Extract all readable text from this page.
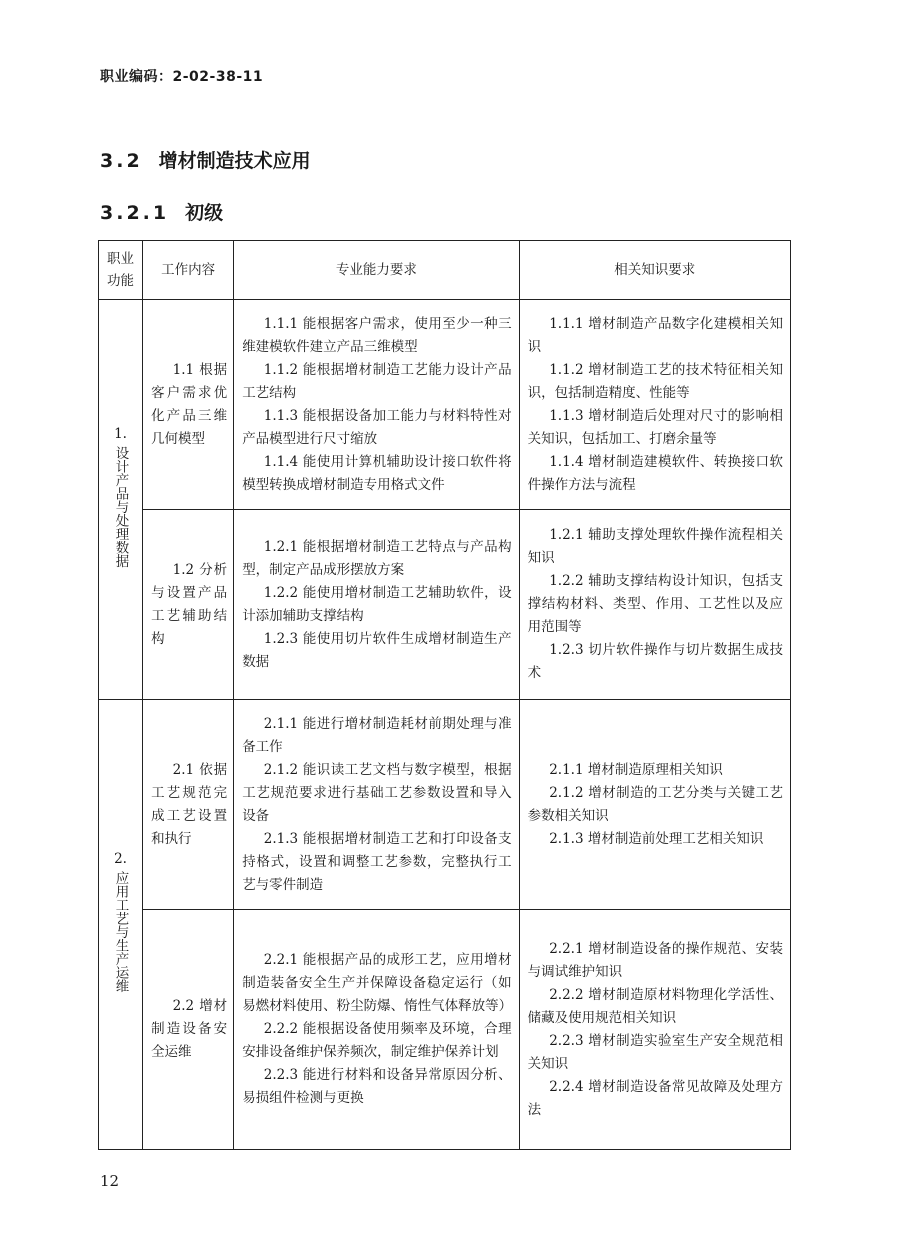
职业编码：2-02-38-11
3.2 增材制造技术应用
3.2.1 初级
职业功能	工作内容	专业能力要求	相关知识要求

1.
设计产品与处理数据	1.1 根据客户需求优化产品三维几何模型	1.1.1 能根据客户需求，使用至少一种三维建模软件建立产品三维模型
1.1.2 能根据增材制造工艺能力设计产品工艺结构
1.1.3 能根据设备加工能力与材料特性对产品模型进行尺寸缩放
1.1.4 能使用计算机辅助设计接口软件将模型转换成增材制造专用格式文件	1.1.1 增材制造产品数字化建模相关知识
1.1.2 增材制造工艺的技术特征相关知识，包括制造精度、性能等
1.1.3 增材制造后处理对尺寸的影响相关知识，包括加工、打磨余量等
1.1.4 增材制造建模软件、转换接口软件操作方法与流程

	1.2 分析与设置产品工艺辅助结构	1.2.1 能根据增材制造工艺特点与产品构型，制定产品成形摆放方案
1.2.2 能使用增材制造工艺辅助软件，设计添加辅助支撑结构
1.2.3 能使用切片软件生成增材制造生产数据	1.2.1 辅助支撑处理软件操作流程相关知识
1.2.2 辅助支撑结构设计知识，包括支撑结构材料、类型、作用、工艺性以及应用范围等
1.2.3 切片软件操作与切片数据生成技术

2.
应用工艺与生产运维	2.1 依据工艺规范完成工艺设置和执行	2.1.1 能进行增材制造耗材前期处理与准备工作
2.1.2 能识读工艺文档与数字模型，根据工艺规范要求进行基础工艺参数设置和导入设备
2.1.3 能根据增材制造工艺和打印设备支持格式，设置和调整工艺参数，完整执行工艺与零件制造	2.1.1 增材制造原理相关知识
2.1.2 增材制造的工艺分类与关键工艺参数相关知识
2.1.3 增材制造前处理工艺相关知识

	2.2 增材制造设备安全运维	2.2.1 能根据产品的成形工艺，应用增材制造装备安全生产并保障设备稳定运行（如易燃材料使用、粉尘防爆、惰性气体释放等）
2.2.2 能根据设备使用频率及环境，合理安排设备维护保养频次，制定维护保养计划
2.2.3 能进行材料和设备异常原因分析、易损组件检测与更换	2.2.1 增材制造设备的操作规范、安装与调试维护知识
2.2.2 增材制造原材料物理化学活性、储藏及使用规范相关知识
2.2.3 增材制造实验室生产安全规范相关知识
2.2.4 增材制造设备常见故障及处理方法
12
